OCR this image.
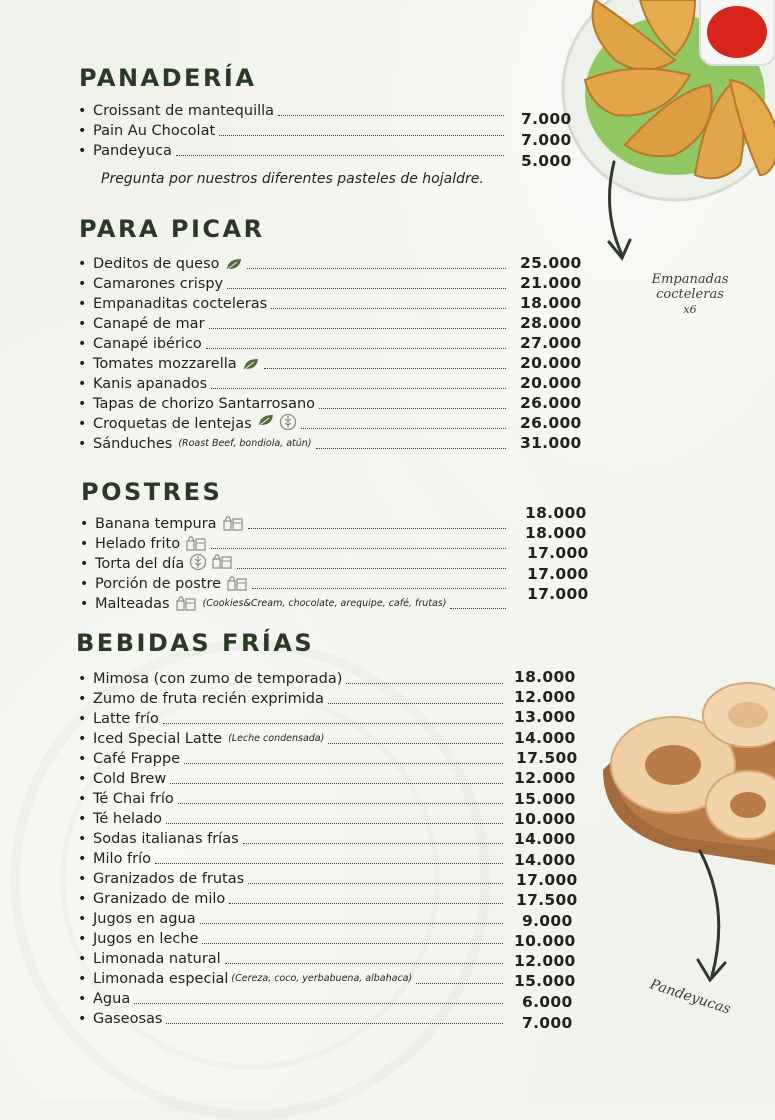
Empanadas cocteleras
x6
Pandeyucas
PANADERÍA
• Croissant de mantequilla
• Pain Au Chocolat
• Pandeyuca
7.000
7.000
5.000
Pregunta por nuestros diferentes pasteles de hojaldre.
PARA PICAR
• Deditos de queso
• Camarones crispy
• Empanaditas cocteleras
• Canapé de mar
• Canapé ibérico
• Tomates mozzarella
• Kanis apanados
• Tapas de chorizo Santarrosano
• Croquetas de lentejas
• Sánduches (Roast Beef, bondiola, atún)
25.000
21.000
18.000
28.000
27.000
20.000
20.000
26.000
26.000
31.000
POSTRES
• Banana tempura
• Helado frito
• Torta del día
• Porción de postre
• Malteadas	(Cookies&Cream, chocolate, arequipe, café, frutas)
18.000
18.000
17.000
17.000
17.000
BEBIDAS FRÍAS
• Mimosa (con zumo de temporada)
• Zumo de fruta recién exprimida
• Latte frío
• Iced Special Latte (Leche condensada)
• Café Frappe
• Cold Brew
• Té Chai frío
• Té helado
• Sodas italianas frías
• Milo frío
• Granizados de frutas
• Granizado de milo
• Jugos en agua
• Jugos en leche
• Limonada natural
• Limonada especial (Cereza, coco, yerbabuena, albahaca)
• Agua
• Gaseosas
18.000
12.000
13.000
14.000
17.500
12.000
15.000
10.000
14.000
14.000
17.000
17.500
9.000
10.000
12.000
15.000
6.000
7.000
